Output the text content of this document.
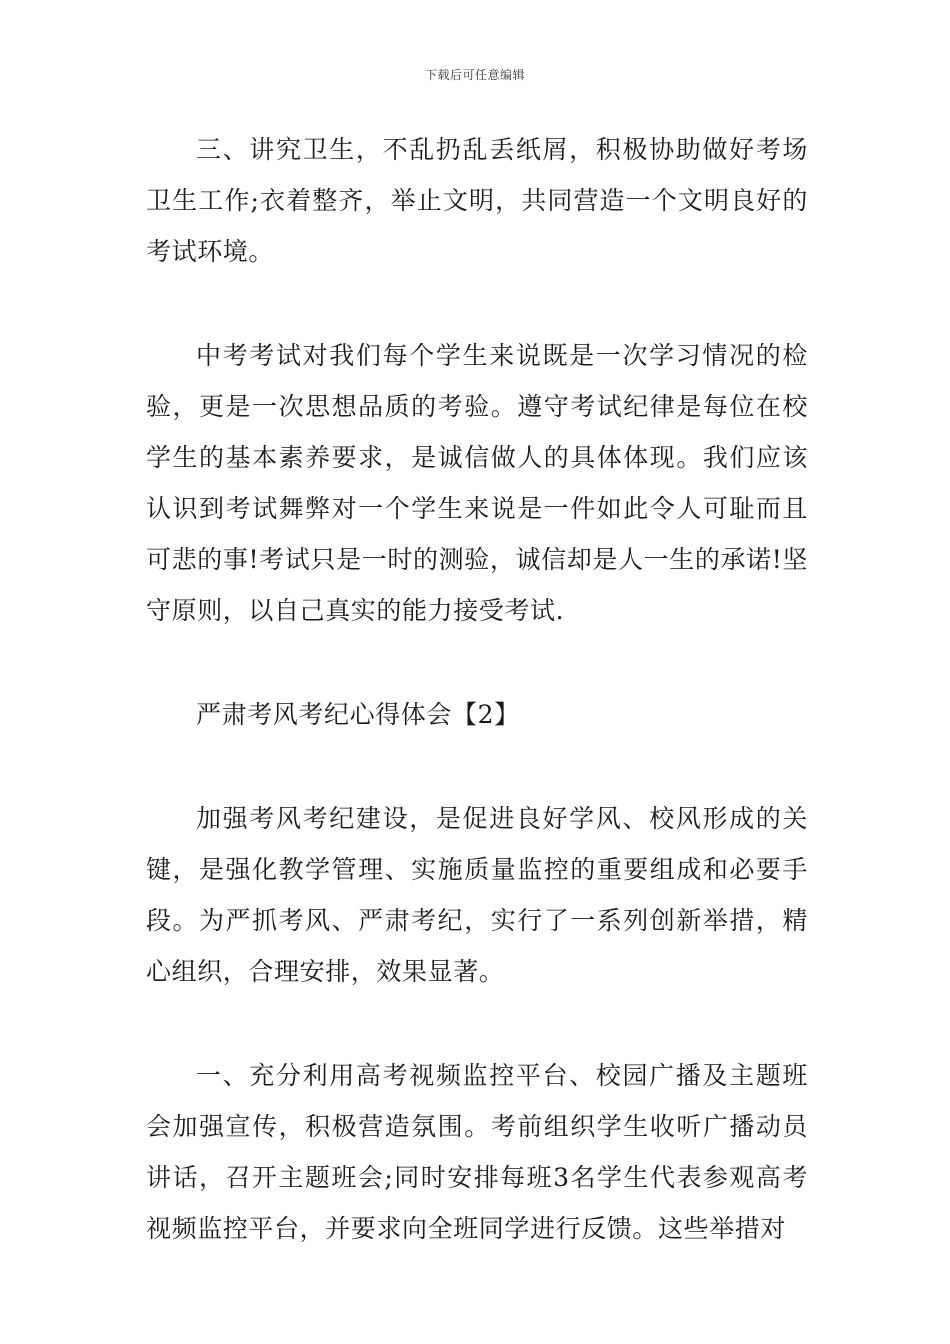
下载后可任意编辑

三、讲究卫生，不乱扔乱丢纸屑，积极协助做好考场卫生工作;衣着整齐，举止文明，共同营造一个文明良好的考试环境。

中考考试对我们每个学生来说既是一次学习情况的检验，更是一次思想品质的考验。遵守考试纪律是每位在校学生的基本素养要求，是诚信做人的具体体现。我们应该认识到考试舞弊对一个学生来说是一件如此令人可耻而且可悲的事!考试只是一时的测验，诚信却是人一生的承诺!坚守原则，以自己真实的能力接受考试.

严肃考风考纪心得体会【2】

加强考风考纪建设，是促进良好学风、校风形成的关键，是强化教学管理、实施质量监控的重要组成和必要手段。为严抓考风、严肃考纪，实行了一系列创新举措，精心组织，合理安排，效果显著。

一、充分利用高考视频监控平台、校园广播及主题班会加强宣传，积极营造氛围。考前组织学生收听广播动员讲话，召开主题班会;同时安排每班3名学生代表参观高考视频监控平台，并要求向全班同学进行反馈。这些举措对
